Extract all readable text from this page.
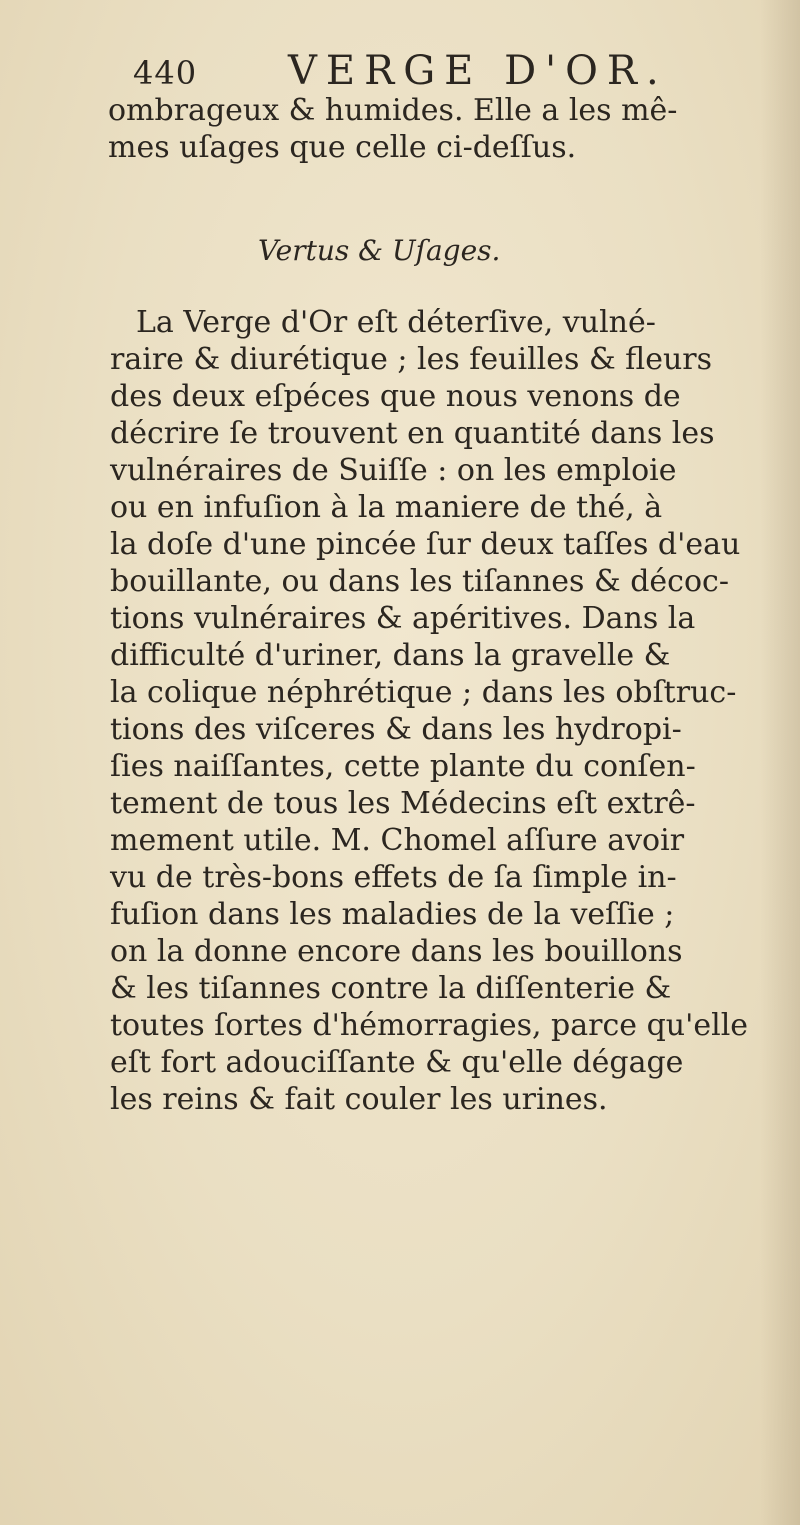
440 VERGE D'OR.
ombrageux & humides. Elle a les mê-
mes uſages que celle ci-deſſus.
Vertus & Uſages.
La Verge d'Or eſt déterſive, vulné-
raire & diurétique ; les feuilles & fleurs
des deux eſpéces que nous venons de
décrire ſe trouvent en quantité dans les
vulnéraires de Suiſſe : on les emploie
ou en infuſion à la maniere de thé, à
la doſe d'une pincée ſur deux taſſes d'eau
bouillante, ou dans les tiſannes & décoc-
tions vulnéraires & apéritives. Dans la
difficulté d'uriner, dans la gravelle &
la colique néphrétique ; dans les obſtruc-
tions des viſceres & dans les hydropi-
ſies naiſſantes, cette plante du conſen-
tement de tous les Médecins eſt extrê-
mement utile. M. Chomel aſſure avoir
vu de très-bons effets de ſa ſimple in-
fuſion dans les maladies de la veſſie ;
on la donne encore dans les bouillons
& les tiſannes contre la diſſenterie &
toutes ſortes d'hémorragies, parce qu'elle
eſt fort adouciſſante & qu'elle dégage
les reins & fait couler les urines.
